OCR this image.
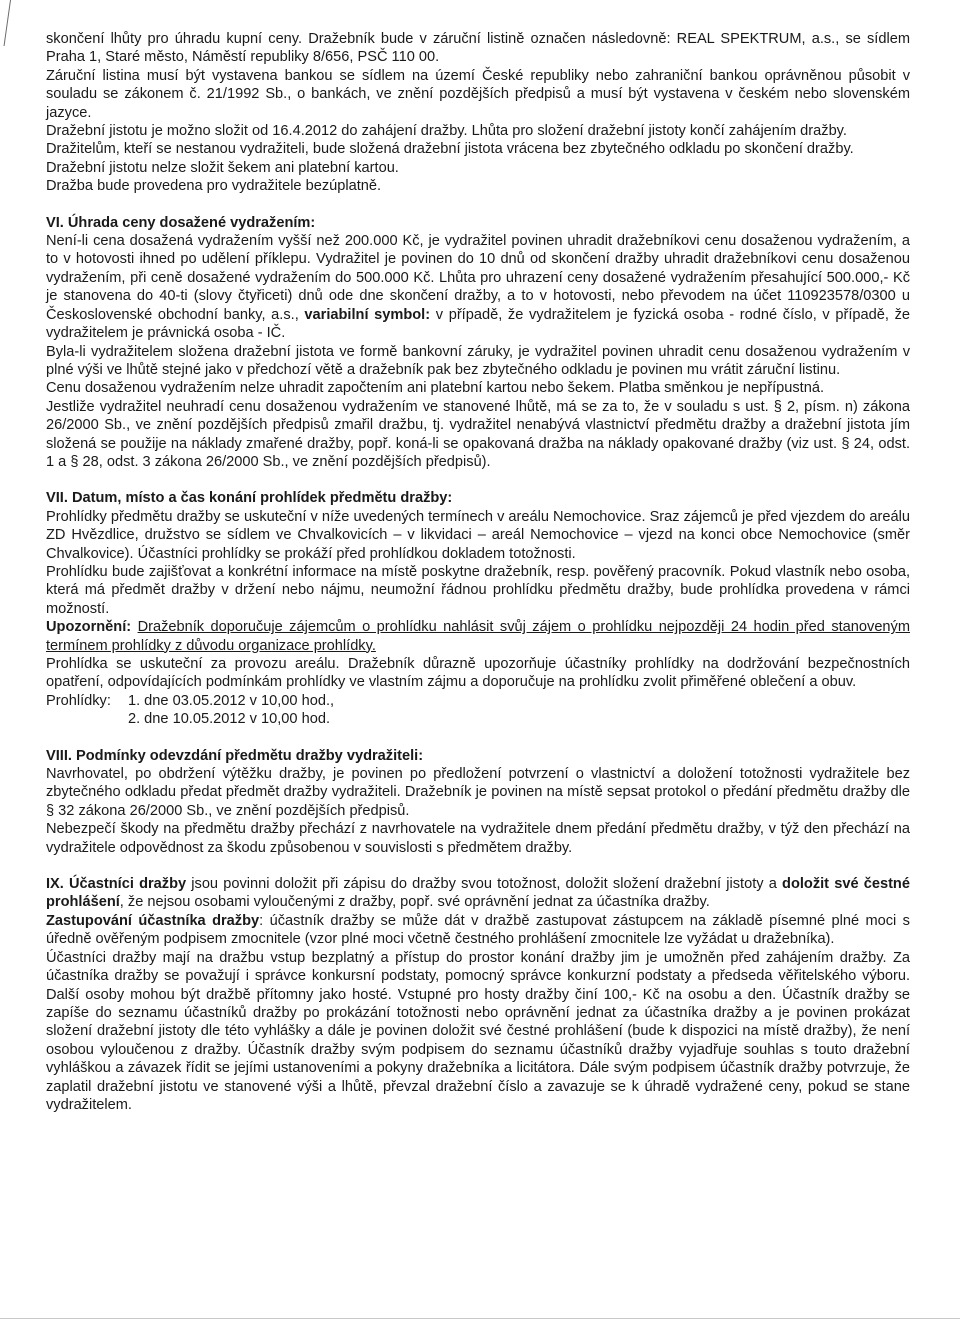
skončení lhůty pro úhradu kupní ceny. Dražebník bude v záruční listině označen následovně: REAL SPEKTRUM, a.s., se sídlem Praha 1, Staré město, Náměstí republiky 8/656, PSČ 110 00.

Záruční listina musí být vystavena bankou se sídlem na území České republiky nebo zahraniční bankou oprávněnou působit v souladu se zákonem č. 21/1992 Sb., o bankách, ve znění pozdějších předpisů a musí být vystavena v českém nebo slovenském jazyce.

Dražební jistotu je možno složit od 16.4.2012 do zahájení dražby. Lhůta pro složení dražební jistoty končí zahájením dražby.

Dražitelům, kteří se nestanou vydražiteli, bude složená dražební jistota vrácena bez zbytečného odkladu po skončení dražby.

Dražební jistotu nelze složit šekem ani platební kartou.

Dražba bude provedena pro vydražitele bezúplatně.

VI. Úhrada ceny dosažené vydražením:

Není-li cena dosažená vydražením vyšší než 200.000 Kč, je vydražitel povinen uhradit dražebníkovi cenu dosaženou vydražením, a to v hotovosti ihned po udělení příklepu. Vydražitel je povinen do 10 dnů od skončení dražby uhradit dražebníkovi cenu dosaženou vydražením, při ceně dosažené vydražením do 500.000 Kč. Lhůta pro uhrazení ceny dosažené vydražením přesahující 500.000,- Kč je stanovena do 40-ti (slovy čtyřiceti) dnů ode dne skončení dražby, a to v hotovosti, nebo převodem na účet 110923578/0300 u Československé obchodní banky, a.s., variabilní symbol: v případě, že vydražitelem je fyzická osoba - rodné číslo, v případě, že vydražitelem je právnická osoba - IČ.

Byla-li vydražitelem složena dražební jistota ve formě bankovní záruky, je vydražitel povinen uhradit cenu dosaženou vydražením v plné výši ve lhůtě stejné jako v předchozí větě a dražebník pak bez zbytečného odkladu je povinen mu vrátit záruční listinu.

Cenu dosaženou vydražením nelze uhradit započtením ani platební kartou nebo šekem. Platba směnkou je nepřípustná.

Jestliže vydražitel neuhradí cenu dosaženou vydražením ve stanovené lhůtě, má se za to, že v souladu s ust. § 2, písm. n) zákona 26/2000 Sb., ve znění pozdějších předpisů zmařil dražbu, tj. vydražitel nenabývá vlastnictví předmětu dražby a dražební jistota jím složená se použije na náklady zmařené dražby, popř. koná-li se opakovaná dražba na náklady opakované dražby (viz ust. § 24, odst. 1 a § 28, odst. 3 zákona 26/2000 Sb., ve znění pozdějších předpisů).

VII. Datum, místo a čas konání prohlídek předmětu dražby:

Prohlídky předmětu dražby se uskuteční v níže uvedených termínech v areálu Nemochovice. Sraz zájemců je před vjezdem do areálu ZD Hvězdlice, družstvo se sídlem ve Chvalkovicích – v likvidaci – areál Nemochovice – vjezd na konci obce Nemochovice (směr Chvalkovice). Účastníci prohlídky se prokáží před prohlídkou dokladem totožnosti.

Prohlídku bude zajišťovat a konkrétní informace na místě poskytne dražebník, resp. pověřený pracovník. Pokud vlastník nebo osoba, která má předmět dražby v držení nebo nájmu, neumožní řádnou prohlídku předmětu dražby, bude prohlídka provedena v rámci možností.

Upozornění: Dražebník doporučuje zájemcům o prohlídku nahlásit svůj zájem o prohlídku nejpozději 24 hodin před stanoveným termínem prohlídky z důvodu organizace prohlídky.

Prohlídka se uskuteční za provozu areálu. Dražebník důrazně upozorňuje účastníky prohlídky na dodržování bezpečnostních opatření, odpovídajících podmínkám prohlídky ve vlastním zájmu a doporučuje na prohlídku zvolit přiměřené oblečení a obuv.

Prohlídky:	1.	dne 03.05.2012 v 10,00 hod.,
	2.	dne 10.05.2012 v 10,00 hod.

VIII. Podmínky odevzdání předmětu dražby vydražiteli:

Navrhovatel, po obdržení výtěžku dražby, je povinen po předložení potvrzení o vlastnictví a doložení totožnosti vydražitele bez zbytečného odkladu předat předmět dražby vydražiteli. Dražebník je povinen na místě sepsat protokol o předání předmětu dražby dle § 32 zákona 26/2000 Sb., ve znění pozdějších předpisů.

Nebezpečí škody na předmětu dražby přechází z navrhovatele na vydražitele dnem předání předmětu dražby, v týž den přechází na vydražitele odpovědnost za škodu způsobenou v souvislosti s předmětem dražby.

IX. Účastníci dražby jsou povinni doložit při zápisu do dražby svou totožnost, doložit složení dražební jistoty a doložit své čestné prohlášení, že nejsou osobami vyloučenými z dražby, popř. své oprávnění jednat za účastníka dražby.

Zastupování účastníka dražby: účastník dražby se může dát v dražbě zastupovat zástupcem na základě písemné plné moci s úředně ověřeným podpisem zmocnitele (vzor plné moci včetně čestného prohlášení zmocnitele lze vyžádat u dražebníka).

Účastníci dražby mají na dražbu vstup bezplatný a přístup do prostor konání dražby jim je umožněn před zahájením dražby. Za účastníka dražby se považují i správce konkursní podstaty, pomocný správce konkurzní podstaty a předseda věřitelského výboru. Další osoby mohou být dražbě přítomny jako hosté. Vstupné pro hosty dražby činí 100,- Kč na osobu a den. Účastník dražby se zapíše do seznamu účastníků dražby po prokázání totožnosti nebo oprávnění jednat za účastníka dražby a je povinen prokázat složení dražební jistoty dle této vyhlášky a dále je povinen doložit své čestné prohlášení (bude k dispozici na místě dražby), že není osobou vyloučenou z dražby. Účastník dražby svým podpisem do seznamu účastníků dražby vyjadřuje souhlas s touto dražební vyhláškou a závazek řídit se jejími ustanoveními a pokyny dražebníka a licitátora. Dále svým podpisem účastník dražby potvrzuje, že zaplatil dražební jistotu ve stanovené výši a lhůtě, převzal dražební číslo a zavazuje se k úhradě vydražené ceny, pokud se stane vydražitelem.
